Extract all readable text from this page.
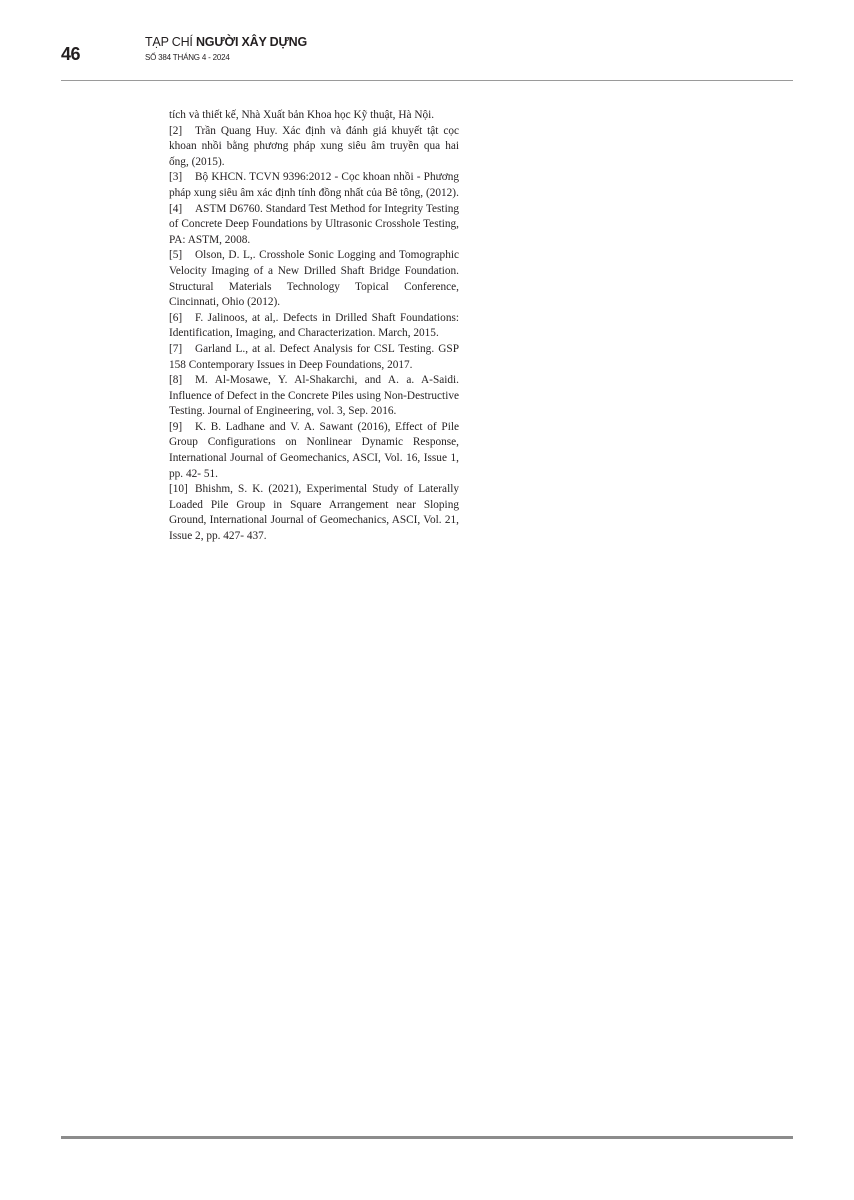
46
TẠP CHÍ NGƯỜI XÂY DỰNG
SỐ 384 THÁNG 4 - 2024

tích và thiết kế, Nhà Xuất bản Khoa học Kỹ thuật, Hà Nội.

[2] Trần Quang Huy. Xác định và đánh giá khuyết tật cọc khoan nhồi bằng phương pháp xung siêu âm truyền qua hai ống, (2015).

[3] Bộ KHCN. TCVN 9396:2012 - Cọc khoan nhồi - Phương pháp xung siêu âm xác định tính đồng nhất của Bê tông, (2012).

[4] ASTM D6760. Standard Test Method for Integrity Testing of Concrete Deep Foundations by Ultrasonic Crosshole Testing, PA: ASTM, 2008.

[5] Olson, D. L,. Crosshole Sonic Logging and Tomographic Velocity Imaging of a New Drilled Shaft Bridge Foundation. Structural Materials Technology Topical Conference, Cincinnati, Ohio (2012).

[6] F. Jalinoos, at al,. Defects in Drilled Shaft Foundations: Identification, Imaging, and Characterization. March, 2015.

[7] Garland L., at al. Defect Analysis for CSL Testing. GSP 158 Contemporary Issues in Deep Foundations, 2017.

[8] M. Al-Mosawe, Y. Al-Shakarchi, and A. a. A-Saidi. Influence of Defect in the Concrete Piles using Non-Destructive Testing. Journal of Engineering, vol. 3, Sep. 2016.

[9] K. B. Ladhane and V. A. Sawant (2016), Effect of Pile Group Configurations on Nonlinear Dynamic Response, International Journal of Geomechanics, ASCI, Vol. 16, Issue 1, pp. 42- 51.

[10] Bhishm, S. K. (2021), Experimental Study of Laterally Loaded Pile Group in Square Arrangement near Sloping Ground, International Journal of Geomechanics, ASCI, Vol. 21, Issue 2, pp. 427- 437.
